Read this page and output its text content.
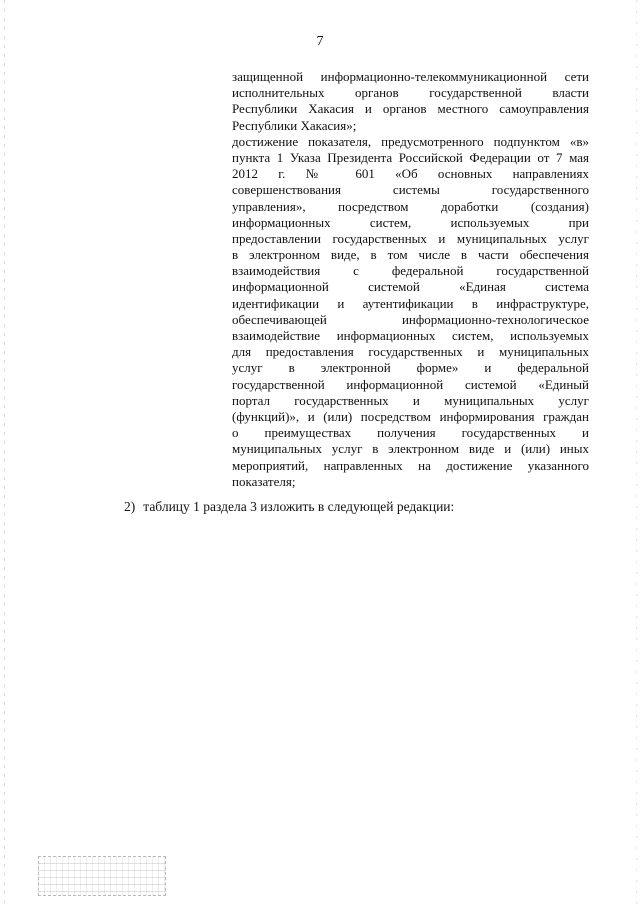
7
защищенной информационно-телекоммуникационной сети
исполнительных органов государственной власти
Республики Хакасия и органов местного самоуправления
Республики Хакасия»;
достижение показателя, предусмотренного подпунктом «в»
пункта 1 Указа Президента Российской Федерации от 7 мая
2012 г. № 601 «Об основных направлениях
совершенствования системы государственного
управления», посредством доработки (создания)
информационных систем, используемых при
предоставлении государственных и муниципальных услуг
в электронном виде, в том числе в части обеспечения
взаимодействия с федеральной государственной
информационной системой «Единая система
идентификации и аутентификации в инфраструктуре,
обеспечивающей информационно-технологическое
взаимодействие информационных систем, используемых
для предоставления государственных и муниципальных
услуг в электронной форме» и федеральной
государственной информационной системой «Единый
портал государственных и муниципальных услуг
(функций)», и (или) посредством информирования граждан
о преимуществах получения государственных и
муниципальных услуг в электронном виде и (или) иных
мероприятий, направленных на достижение указанного
показателя;
2) таблицу 1 раздела 3 изложить в следующей редакции:
